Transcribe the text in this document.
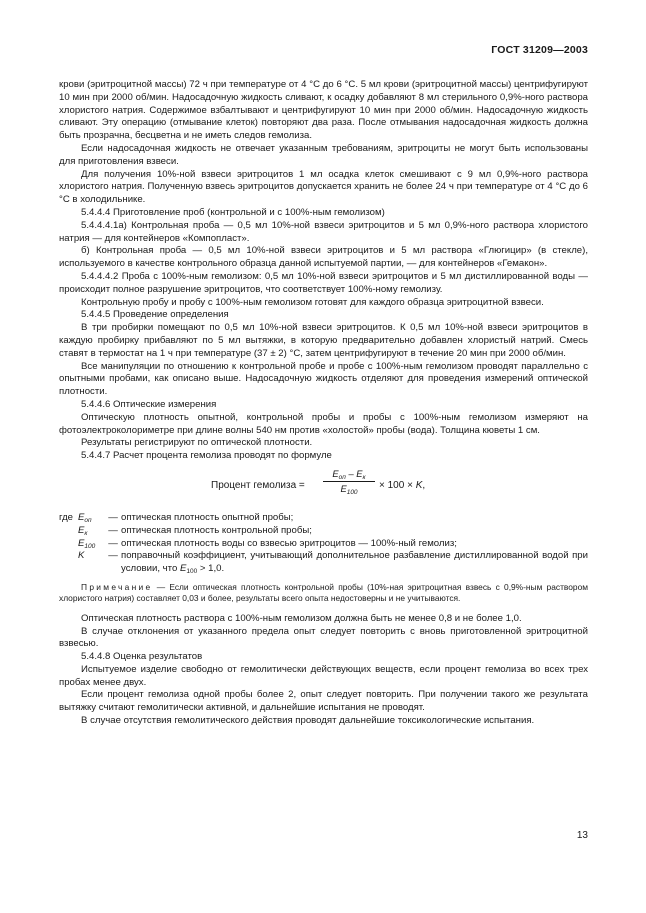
ГОСТ 31209—2003

крови (эритроцитной массы) 72 ч при температуре от 4 °С до 6 °С. 5 мл крови (эритроцитной массы) центрифугируют 10 мин при 2000 об/мин. Надосадочную жидкость сливают, к осадку добавляют 8 мл стерильного 0,9%-ного раствора хлористого натрия. Содержимое взбалтывают и центрифугируют 10 мин при 2000 об/мин. Надосадочную жидкость сливают. Эту операцию (отмывание клеток) повторяют два раза. После отмывания надосадочная жидкость должна быть прозрачна, бесцветна и не иметь следов гемолиза.

Если надосадочная жидкость не отвечает указанным требованиям, эритроциты не могут быть использованы для приготовления взвеси.

Для получения 10%-ной взвеси эритроцитов 1 мл осадка клеток смешивают с 9 мл 0,9%-ного раствора хлористого натрия. Полученную взвесь эритроцитов допускается хранить не более 24 ч при температуре от 4 °С до 6 °С в холодильнике.

5.4.4.4 Приготовление проб (контрольной и с 100%-ным гемолизом)

5.4.4.4.1а) Контрольная проба — 0,5 мл 10%-ной взвеси эритроцитов и 5 мл 0,9%-ного раствора хлористого натрия — для контейнеров «Компопласт».

б) Контрольная проба — 0,5 мл 10%-ной взвеси эритроцитов и 5 мл раствора «Глюгицир» (в стекле), используемого в качестве контрольного образца данной испытуемой партии, — для контейнеров «Гемакон».

5.4.4.4.2 Проба с 100%-ным гемолизом: 0,5 мл 10%-ной взвеси эритроцитов и 5 мл дистиллированной воды — происходит полное разрушение эритроцитов, что соответствует 100%-ному гемолизу.

Контрольную пробу и пробу с 100%-ным гемолизом готовят для каждого образца эритроцитной взвеси.

5.4.4.5 Проведение определения

В три пробирки помещают по 0,5 мл 10%-ной взвеси эритроцитов. К 0,5 мл 10%-ной взвеси эритроцитов в каждую пробирку прибавляют по 5 мл вытяжки, в которую предварительно добавлен хлористый натрий. Смесь ставят в термостат на 1 ч при температуре (37 ± 2) °С, затем центрифугируют в течение 20 мин при 2000 об/мин.

Все манипуляции по отношению к контрольной пробе и пробе с 100%-ным гемолизом проводят параллельно с опытными пробами, как описано выше. Надосадочную жидкость отделяют для проведения измерений оптической плотности.

5.4.4.6 Оптические измерения

Оптическую плотность опытной, контрольной пробы и пробы с 100%-ным гемолизом измеряют на фотоэлектроколориметре при длине волны 540 нм против «холостой» пробы (вода). Толщина кюветы 1 см.

Результаты регистрируют по оптической плотности.

5.4.4.7 Расчет процента гемолиза проводят по формуле

Процент гемолиза =
$E_{оп} - E_к$
$E_{100}$
× 100 × K,
где	$E_{оп}$	—	оптическая плотность опытной пробы;
	$E_к$	—	оптическая плотность контрольной пробы;
	$E_{100}$	—	оптическая плотность воды со взвесью эритроцитов — 100%-ный гемолиз;
	K	—	поправочный коэффициент, учитывающий дополнительное разбавление дистиллированной водой при условии, что $E_{100} > 1,0$.

Примечание — Если оптическая плотность контрольной пробы (10%-ная эритроцитная взвесь с 0,9%-ным раствором хлористого натрия) составляет 0,03 и более, результаты всего опыта недостоверны и не учитываются.

Оптическая плотность раствора с 100%-ным гемолизом должна быть не менее 0,8 и не более 1,0.

В случае отклонения от указанного предела опыт следует повторить с вновь приготовленной эритроцитной взвесью.

5.4.4.8 Оценка результатов

Испытуемое изделие свободно от гемолитически действующих веществ, если процент гемолиза во всех трех пробах менее двух.

Если процент гемолиза одной пробы более 2, опыт следует повторить. При получении такого же результата вытяжку считают гемолитически активной, и дальнейшие испытания не проводят.

В случае отсутствия гемолитического действия проводят дальнейшие токсикологические испытания.

13
